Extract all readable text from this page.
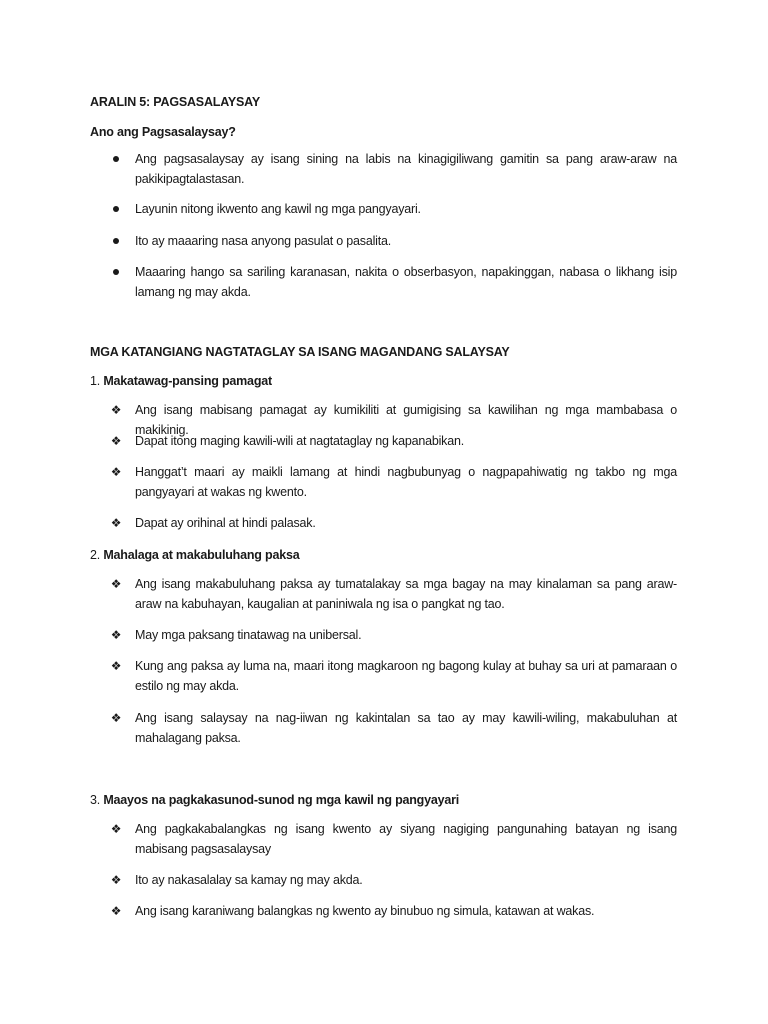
ARALIN 5: PAGSASALAYSAY
Ano ang Pagsasalaysay?
Ang pagsasalaysay ay isang sining na labis na kinagigiliwang gamitin sa pang araw-araw na pakikipagtalastasan.
Layunin nitong ikwento ang kawil ng mga pangyayari.
Ito ay maaaring nasa anyong pasulat o pasalita.
Maaaring hango sa sariling karanasan, nakita o obserbasyon, napakinggan, nabasa o likhang isip lamang ng may akda.
MGA KATANGIANG NAGTATAGLAY SA ISANG MAGANDANG SALAYSAY
1. Makatawag-pansing pamagat
❖ Ang isang mabisang pamagat ay kumikiliti at gumigising sa kawilihan ng mga mambabasa o makikinig.
❖ Dapat itong maging kawili-wili at nagtataglay ng kapanabikan.
❖ Hanggat’t maari ay maikli lamang at hindi nagbubunyag o nagpapahiwatig ng takbo ng mga pangyayari at wakas ng kwento.
❖ Dapat ay orihinal at hindi palasak.
2. Mahalaga at makabuluhang paksa
❖ Ang isang makabuluhang paksa ay tumatalakay sa mga bagay na may kinalaman sa pang araw-araw na kabuhayan, kaugalian at paniniwala ng isa o pangkat ng tao.
❖ May mga paksang tinatawag na unibersal.
❖ Kung ang paksa ay luma na, maari itong magkaroon ng bagong kulay at buhay sa uri at pamaraan o estilo ng may akda.
❖ Ang isang salaysay na nag-iiwan ng kakintalan sa tao ay may kawili-wiling, makabuluhan at mahalagang paksa.
3. Maayos na pagkakasunod-sunod ng mga kawil ng pangyayari
❖ Ang pagkakabalangkas ng isang kwento ay siyang nagiging pangunahing batayan ng isang mabisang pagsasalaysay
❖ Ito ay nakasalalay sa kamay ng may akda.
❖ Ang isang karaniwang balangkas ng kwento ay binubuo ng simula, katawan at wakas.
